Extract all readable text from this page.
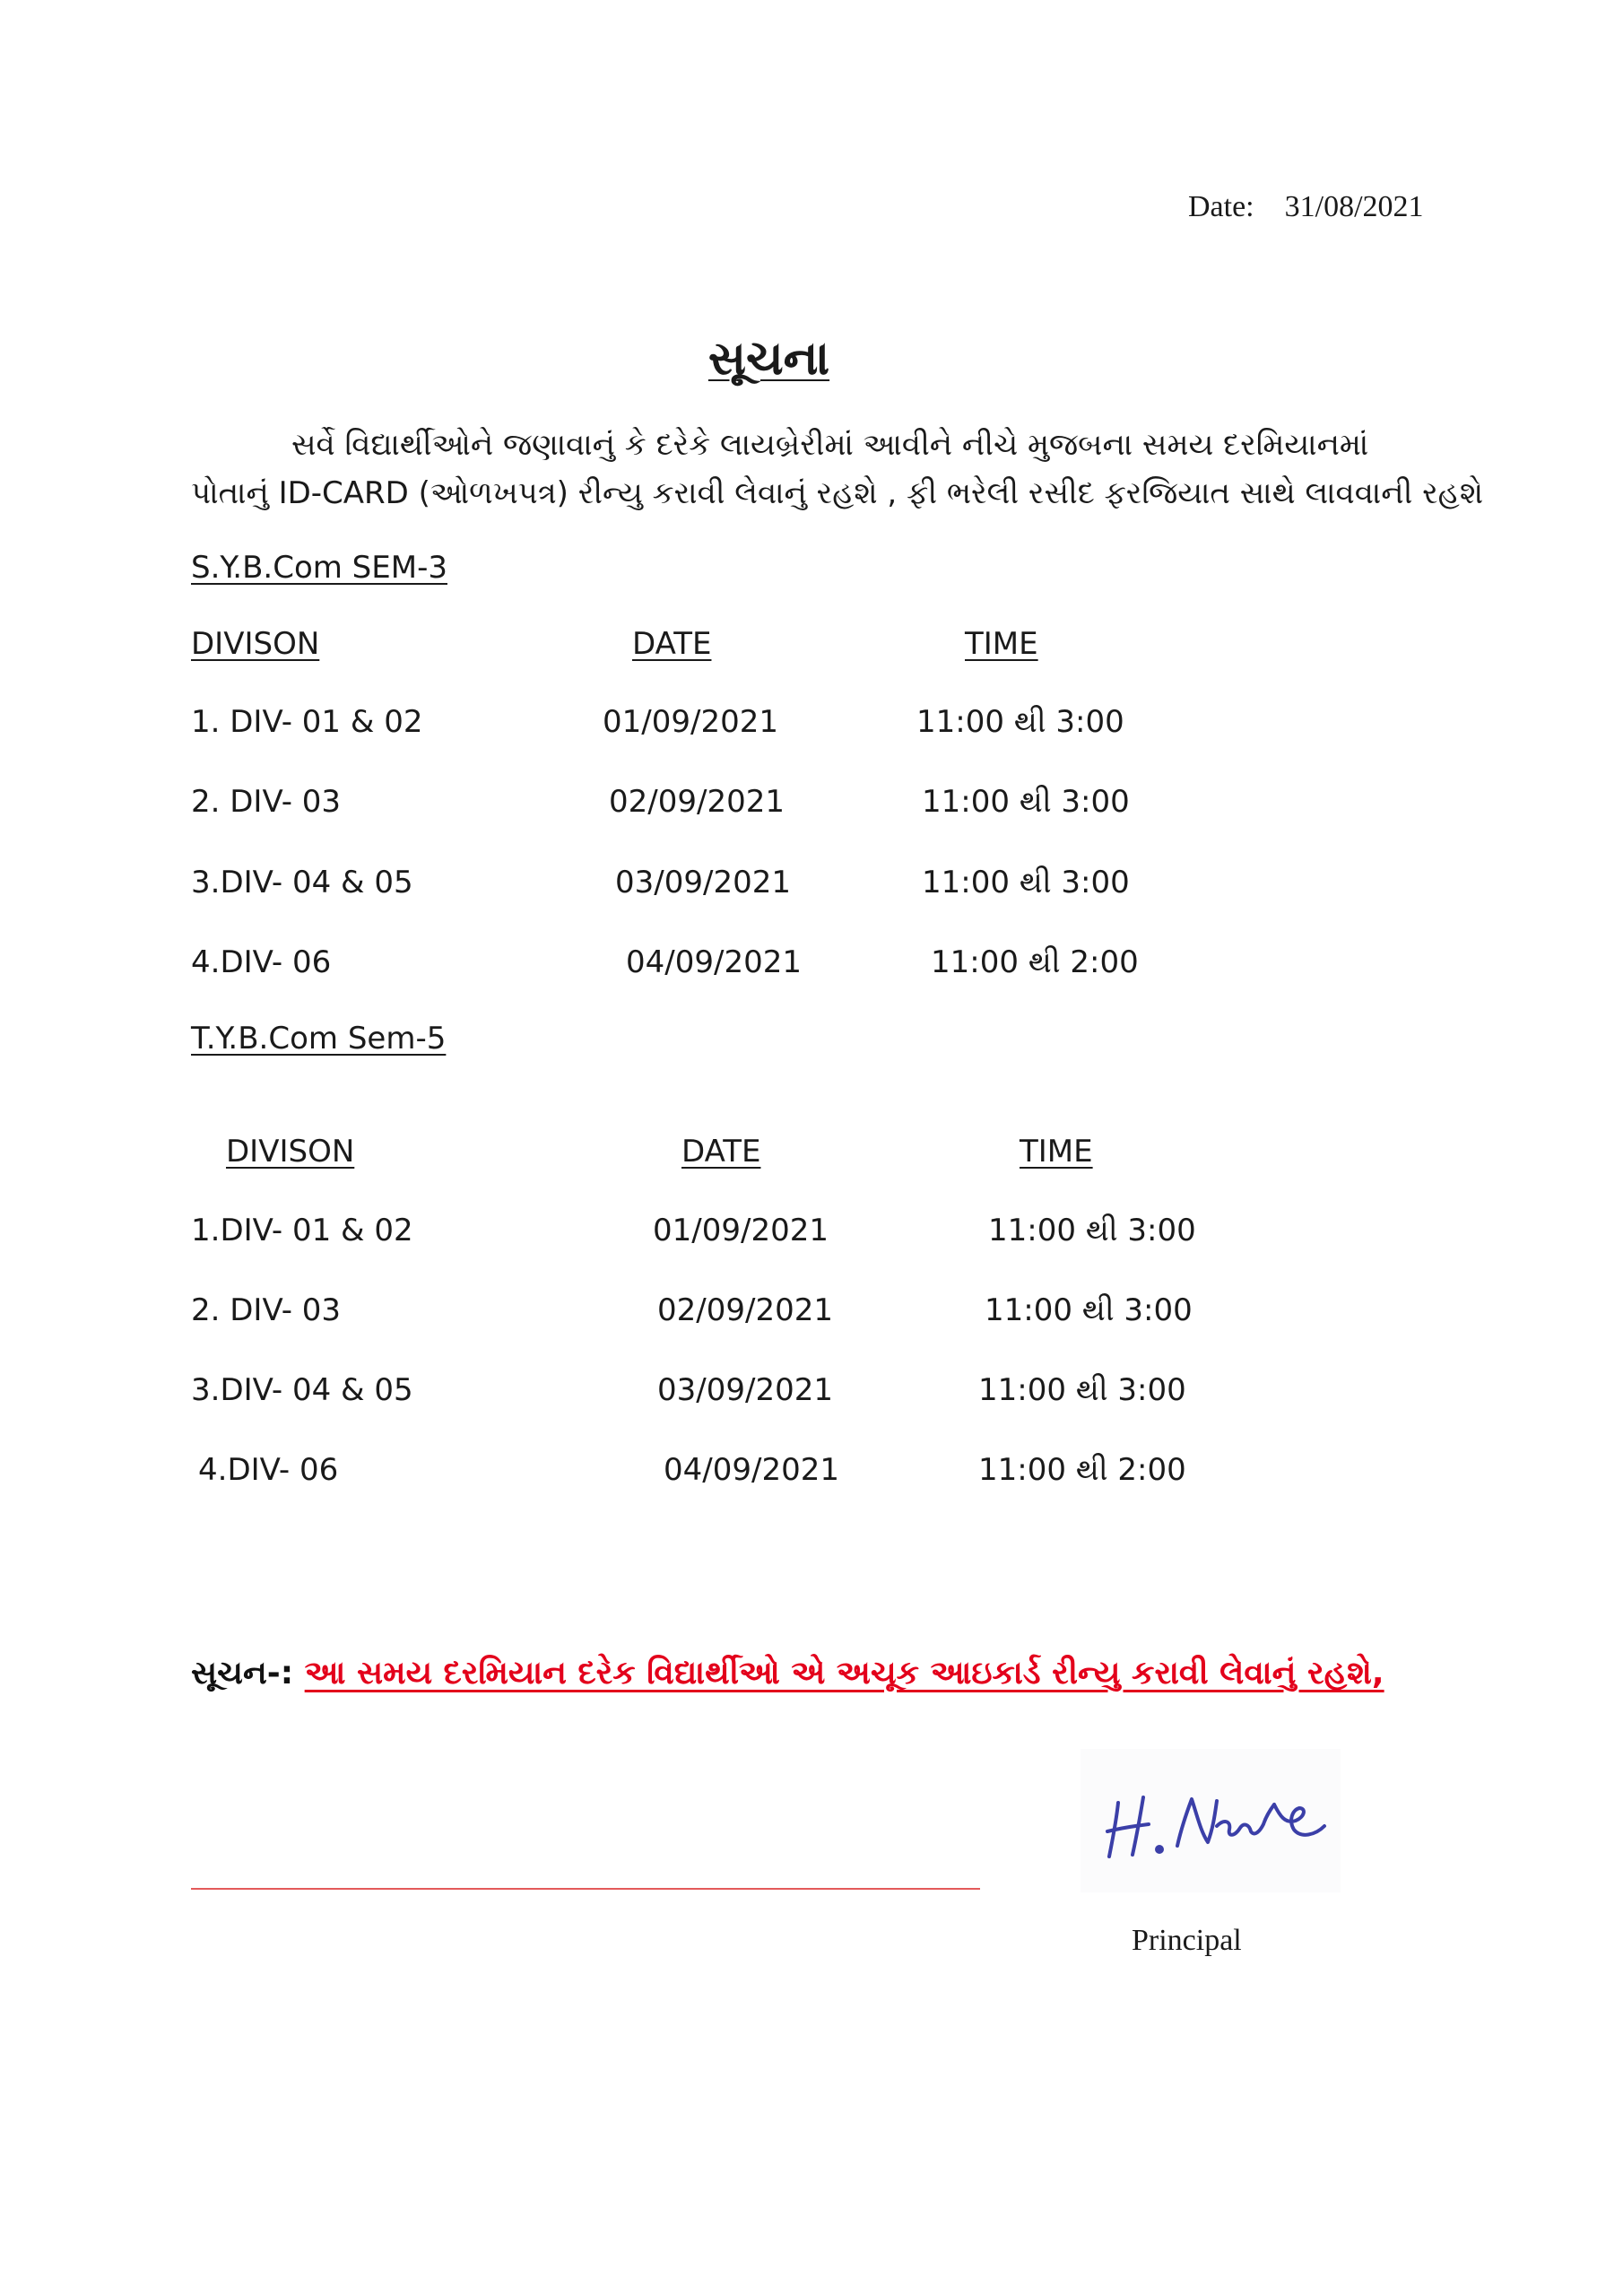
Date: 31/08/2021
સૂચના
સર્વે વિદ્યાર્થીઓને જણાવાનું કે દરેકે લાયબ્રેરીમાં આવીને નીચે મુજબના સમય દરમિયાનમાં
પોતાનું ID-CARD (ઓળખપત્ર) રીન્યુ કરાવી લેવાનું રહશે , ફી ભરેલી રસીદ ફરજિયાત સાથે લાવવાની રહશે
S.Y.B.Com SEM-3
DIVISON	DATE	TIME
1. DIV- 01 & 02	01/09/2021	11:00 થી 3:00
2. DIV- 03	02/09/2021	11:00 થી 3:00
3.DIV- 04 & 05	03/09/2021	11:00 થી 3:00
4.DIV- 06	04/09/2021	11:00 થી 2:00
T.Y.B.Com Sem-5
DIVISON	DATE	TIME
1.DIV- 01 & 02	01/09/2021	11:00 થી 3:00
2. DIV- 03	02/09/2021	11:00 થી 3:00
3.DIV- 04 & 05	03/09/2021	11:00 થી 3:00
4.DIV- 06	04/09/2021	11:00 થી 2:00
સૂચન-: આ સમય દરમિયાન દરેક વિદ્યાર્થીઓ એ અચૂક આઇકાર્ડ રીન્યુ કરાવી લેવાનું રહશે,
Principal
